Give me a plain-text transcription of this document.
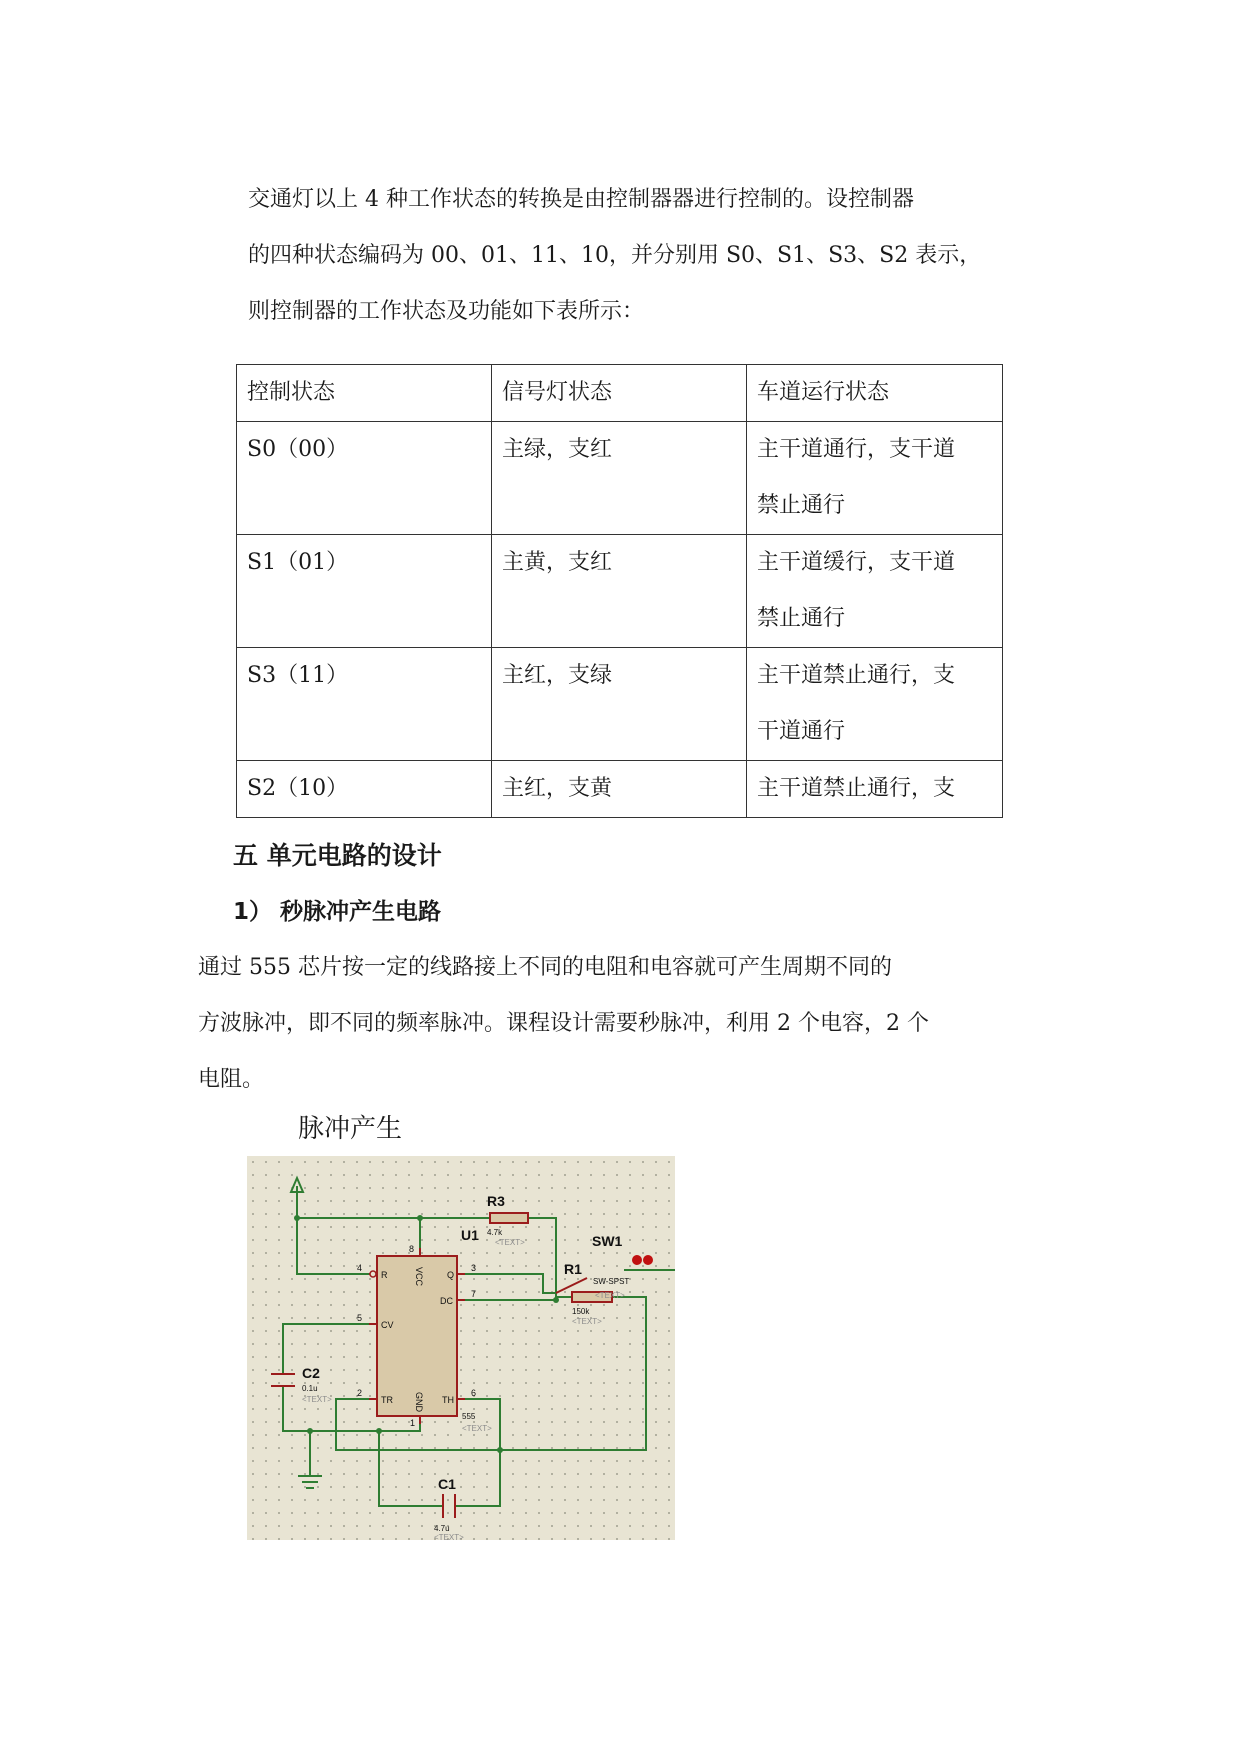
交通灯以上 4 种工作状态的转换是由控制器器进行控制的。设控制器

的四种状态编码为 00、01、11、10，并分别用 S0、S1、S3、S2 表示，

则控制器的工作状态及功能如下表所示：

控制状态	信号灯状态	车道运行状态
S0（00）	主绿，支红	主干道通行，支干道
禁止通行

S1（01）	主黄，支红	主干道缓行，支干道
禁止通行

S3（11）	主红，支绿	主干道禁止通行，支
干道通行

S2（10）	主红，支黄	主干道禁止通行，支
五 单元电路的设计
1） 秒脉冲产生电路

通过 555 芯片按一定的线路接上不同的电阻和电容就可产生周期不同的

方波脉冲，即不同的频率脉冲。课程设计需要秒脉冲，利用 2 个电容，2 个

电阻。

脉冲产生
R	VCC	Q
DC
CV
TR GND TH
4
8
3
7
5
2
1
6
R3
4.7k
<TEXT>
U1	SW1
R1
SW-SPST
<TEXT>
150k
<TEXT>
C2
0.1u
<TEXT>
555
<TEXT>
C1
4.7u
<TEXT>
